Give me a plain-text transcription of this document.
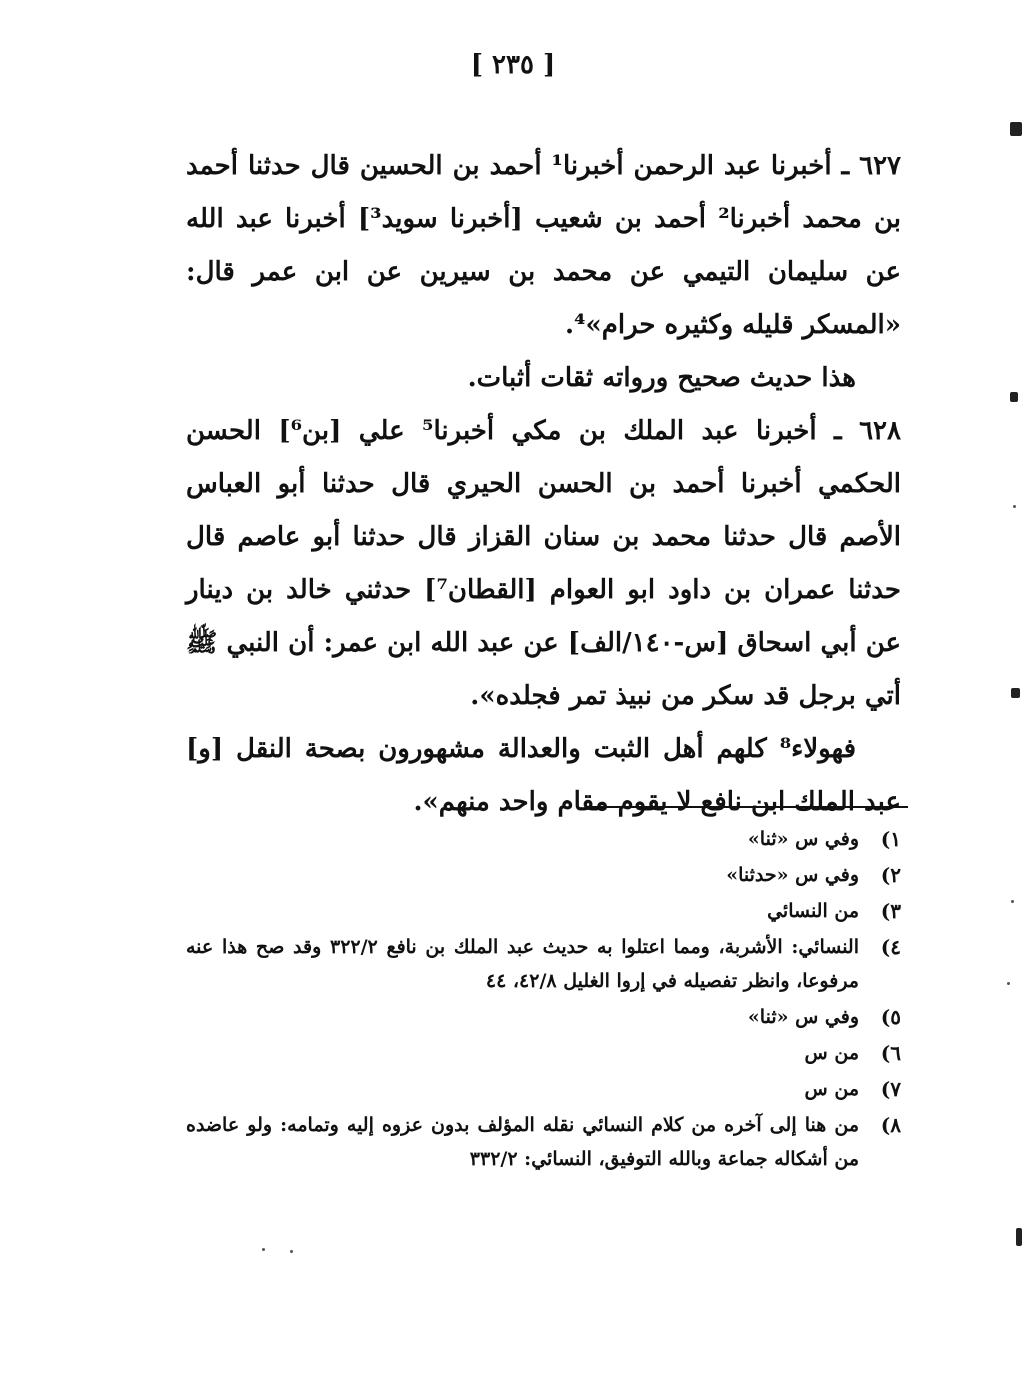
[ ٢٣٥ ]

٦٢٧ ـ أخبرنا عبد الرحمن أخبرنا¹ أحمد بن الحسين قال حدثنا أحمد بن محمد أخبرنا² أحمد بن شعيب [أخبرنا سويد³] أخبرنا عبد الله عن سليمان التيمي عن محمد بن سيرين عن ابن عمر قال: «المسكر قليله وكثيره حرام»⁴.

هذا حديث صحيح ورواته ثقات أثبات.

٦٢٨ ـ أخبرنا عبد الملك بن مكي أخبرنا⁵ علي [بن⁶] الحسن الحكمي أخبرنا أحمد بن الحسن الحيري قال حدثنا أبو العباس الأصم قال حدثنا محمد بن سنان القزاز قال حدثنا أبو عاصم قال حدثنا عمران بن داود ابو العوام [القطان⁷] حدثني خالد بن دينار عن أبي اسحاق [س-١٤٠/الف] عن عبد الله ابن عمر: أن النبي ﷺ أتي برجل قد سكر من نبيذ تمر فجلده».

فهولاء⁸ كلهم أهل الثبت والعدالة مشهورون بصحة النقل [و] عبد الملك ابن نافع لا يقوم مقام واحد منهم».

١)
وفي س «ثنا»
٢)
وفي س «حدثنا»
٣)
من النسائي
٤)
النسائي: الأشربة، ومما اعتلوا به حديث عبد الملك بن نافع ٣٢٢/٢ وقد صح هذا عنه مرفوعا، وانظر تفصيله في إروا الغليل ٤٢/٨، ٤٤
٥)
وفي س «ثنا»
٦)
من س
٧)
من س
٨)
من هنا إلى آخره من كلام النسائي نقله المؤلف بدون عزوه إليه وتمامه: ولو عاضده من أشكاله جماعة وبالله التوفيق، النسائي: ٣٣٢/٢
